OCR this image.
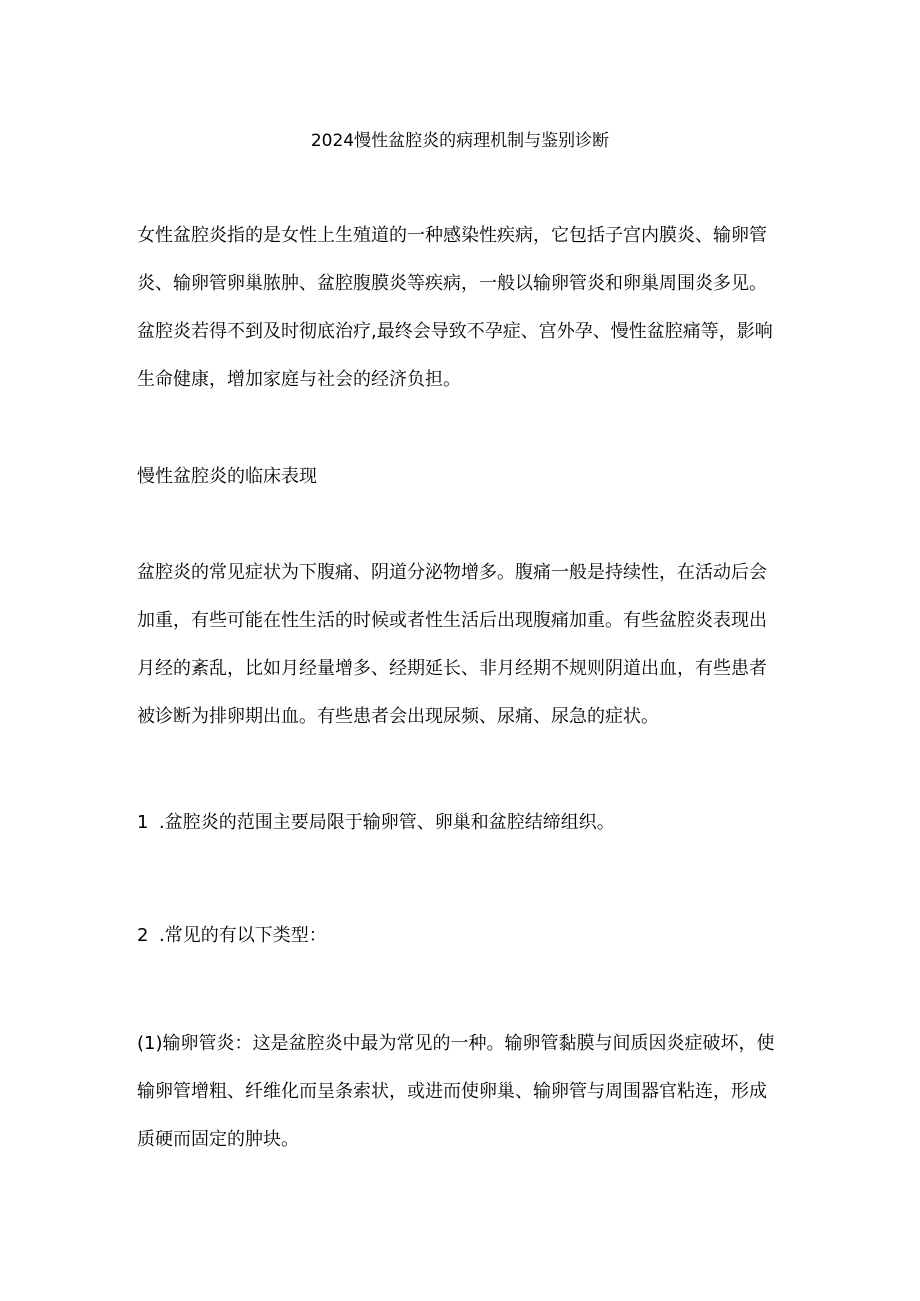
2024慢性盆腔炎的病理机制与鉴别诊断

女性盆腔炎指的是女性上生殖道的一种感染性疾病，它包括子宫内膜炎、输卵管
炎、输卵管卵巢脓肿、盆腔腹膜炎等疾病，一般以输卵管炎和卵巢周围炎多见。
盆腔炎若得不到及时彻底治疗,最终会导致不孕症、宫外孕、慢性盆腔痛等，影响
生命健康，增加家庭与社会的经济负担。

慢性盆腔炎的临床表现

盆腔炎的常见症状为下腹痛、阴道分泌物增多。腹痛一般是持续性，在活动后会
加重，有些可能在性生活的时候或者性生活后出现腹痛加重。有些盆腔炎表现出
月经的紊乱，比如月经量增多、经期延长、非月经期不规则阴道出血，有些患者
被诊断为排卵期出血。有些患者会出现尿频、尿痛、尿急的症状。

1 .盆腔炎的范围主要局限于输卵管、卵巢和盆腔结缔组织。

2 .常见的有以下类型：

(1)输卵管炎：这是盆腔炎中最为常见的一种。输卵管黏膜与间质因炎症破坏，使
输卵管增粗、纤维化而呈条索状，或进而使卵巢、输卵管与周围器官粘连，形成
质硬而固定的肿块。
